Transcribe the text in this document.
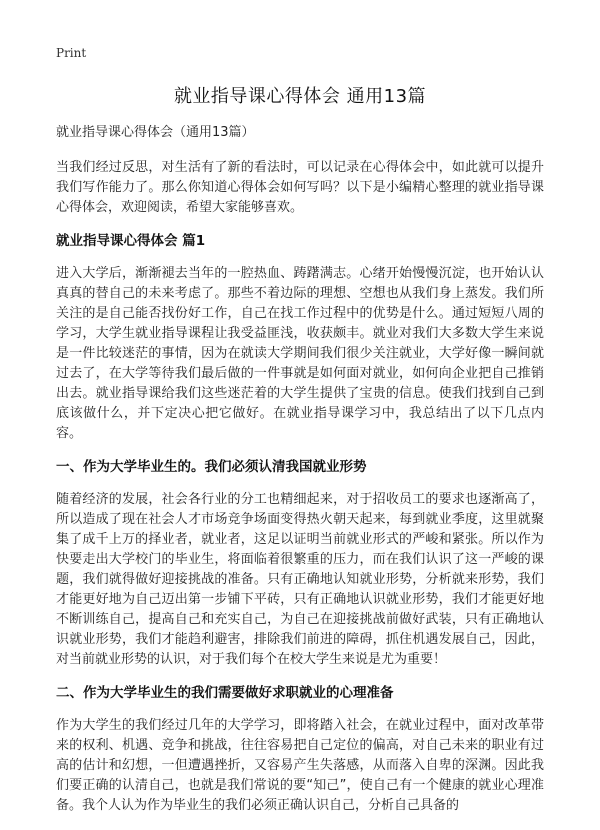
Print
就业指导课心得体会 通用13篇

就业指导课心得体会（通用13篇）

当我们经过反思，对生活有了新的看法时，可以记录在心得体会中，如此就可以提升我们写作能力了。那么你知道心得体会如何写吗？以下是小编精心整理的就业指导课心得体会，欢迎阅读，希望大家能够喜欢。

就业指导课心得体会 篇1

进入大学后，渐渐褪去当年的一腔热血、踌躇满志。心绪开始慢慢沉淀，也开始认认真真的替自己的未来考虑了。那些不着边际的理想、空想也从我们身上蒸发。我们所关注的是自己能否找份好工作，自己在找工作过程中的优势是什么。通过短短八周的学习，大学生就业指导课程让我受益匪浅，收获颇丰。就业对我们大多数大学生来说是一件比较迷茫的事情，因为在就读大学期间我们很少关注就业，大学好像一瞬间就过去了，在大学等待我们最后做的一件事就是如何面对就业，如何向企业把自己推销出去。就业指导课给我们这些迷茫着的大学生提供了宝贵的信息。使我们找到自己到底该做什么，并下定决心把它做好。在就业指导课学习中，我总结出了以下几点内容。

一、作为大学毕业生的。我们必须认清我国就业形势

随着经济的发展，社会各行业的分工也精细起来，对于招收员工的要求也逐渐高了，所以造成了现在社会人才市场竞争场面变得热火朝天起来，每到就业季度，这里就聚集了成千上万的择业者，就业者，这足以证明当前就业形式的严峻和紧张。所以作为快要走出大学校门的毕业生，将面临着很繁重的压力，而在我们认识了这一严峻的课题，我们就得做好迎接挑战的准备。只有正确地认知就业形势，分析就来形势，我们才能更好地为自己迈出第一步铺下平砖，只有正确地认识就业形势，我们才能更好地不断训练自己，提高自己和充实自己，为自己在迎接挑战前做好武装，只有正确地认识就业形势，我们才能趋利避害，排除我们前进的障碍，抓住机遇发展自己，因此，对当前就业形势的认识，对于我们每个在校大学生来说是尤为重要！

二、作为大学毕业生的我们需要做好求职就业的心理准备

作为大学生的我们经过几年的大学学习，即将踏入社会，在就业过程中，面对改革带来的权利、机遇、竞争和挑战，往往容易把自己定位的偏高，对自己未来的职业有过高的估计和幻想，一但遭遇挫折，又容易产生失落感，从而落入自卑的深渊。因此我们要正确的认清自己，也就是我们常说的要“知己”，使自己有一个健康的就业心理准备。我个人认为作为毕业生的我们必须正确认识自己，分析自己具备的
